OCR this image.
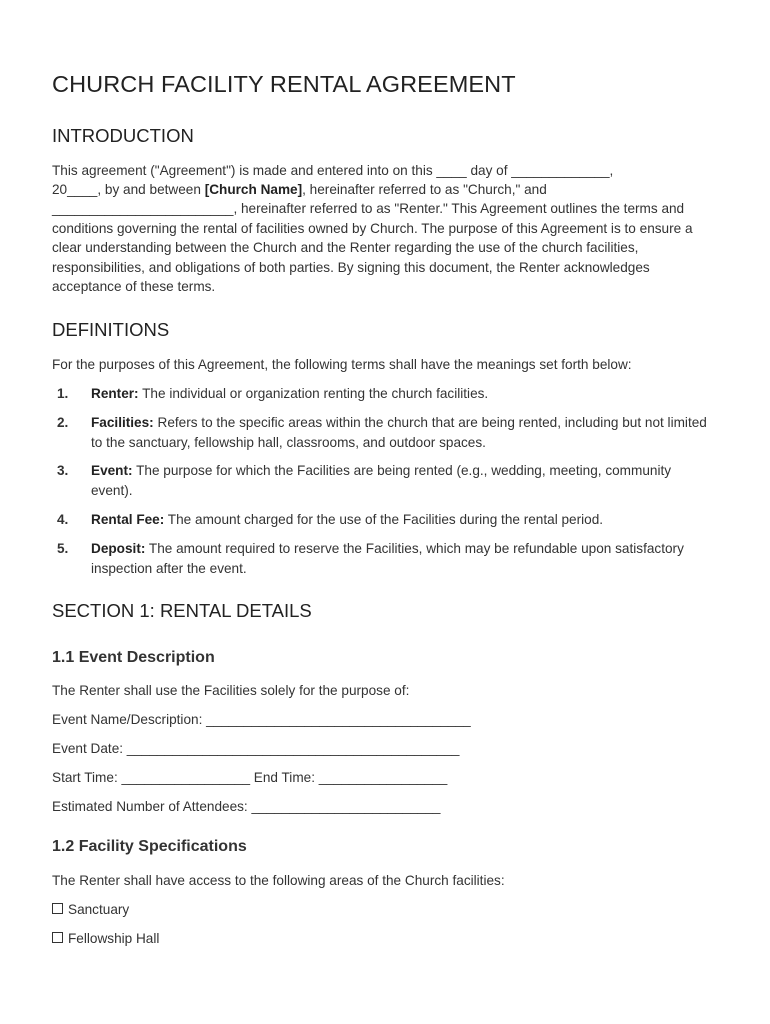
CHURCH FACILITY RENTAL AGREEMENT
INTRODUCTION

This agreement ("Agreement") is made and entered into on this ____ day of _____________,

20____, by and between [Church Name], hereinafter referred to as "Church," and

________________________, hereinafter referred to as "Renter." This Agreement outlines the terms and conditions governing the rental of facilities owned by Church. The purpose of this Agreement is to ensure a clear understanding between the Church and the Renter regarding the use of the church facilities, responsibilities, and obligations of both parties. By signing this document, the Renter acknowledges acceptance of these terms.

DEFINITIONS

For the purposes of this Agreement, the following terms shall have the meanings set forth below:

1. Renter: The individual or organization renting the church facilities.
2. Facilities: Refers to the specific areas within the church that are being rented, including but not limited to the sanctuary, fellowship hall, classrooms, and outdoor spaces.
3. Event: The purpose for which the Facilities are being rented (e.g., wedding, meeting, community event).
4. Rental Fee: The amount charged for the use of the Facilities during the rental period.
5. Deposit: The amount required to reserve the Facilities, which may be refundable upon satisfactory inspection after the event.
SECTION 1: RENTAL DETAILS
1.1 Event Description

The Renter shall use the Facilities solely for the purpose of:

Event Name/Description: ___________________________________

Event Date: ____________________________________________

Start Time: _________________ End Time: _________________

Estimated Number of Attendees: _________________________

1.2 Facility Specifications

The Renter shall have access to the following areas of the Church facilities:

Sanctuary

Fellowship Hall
